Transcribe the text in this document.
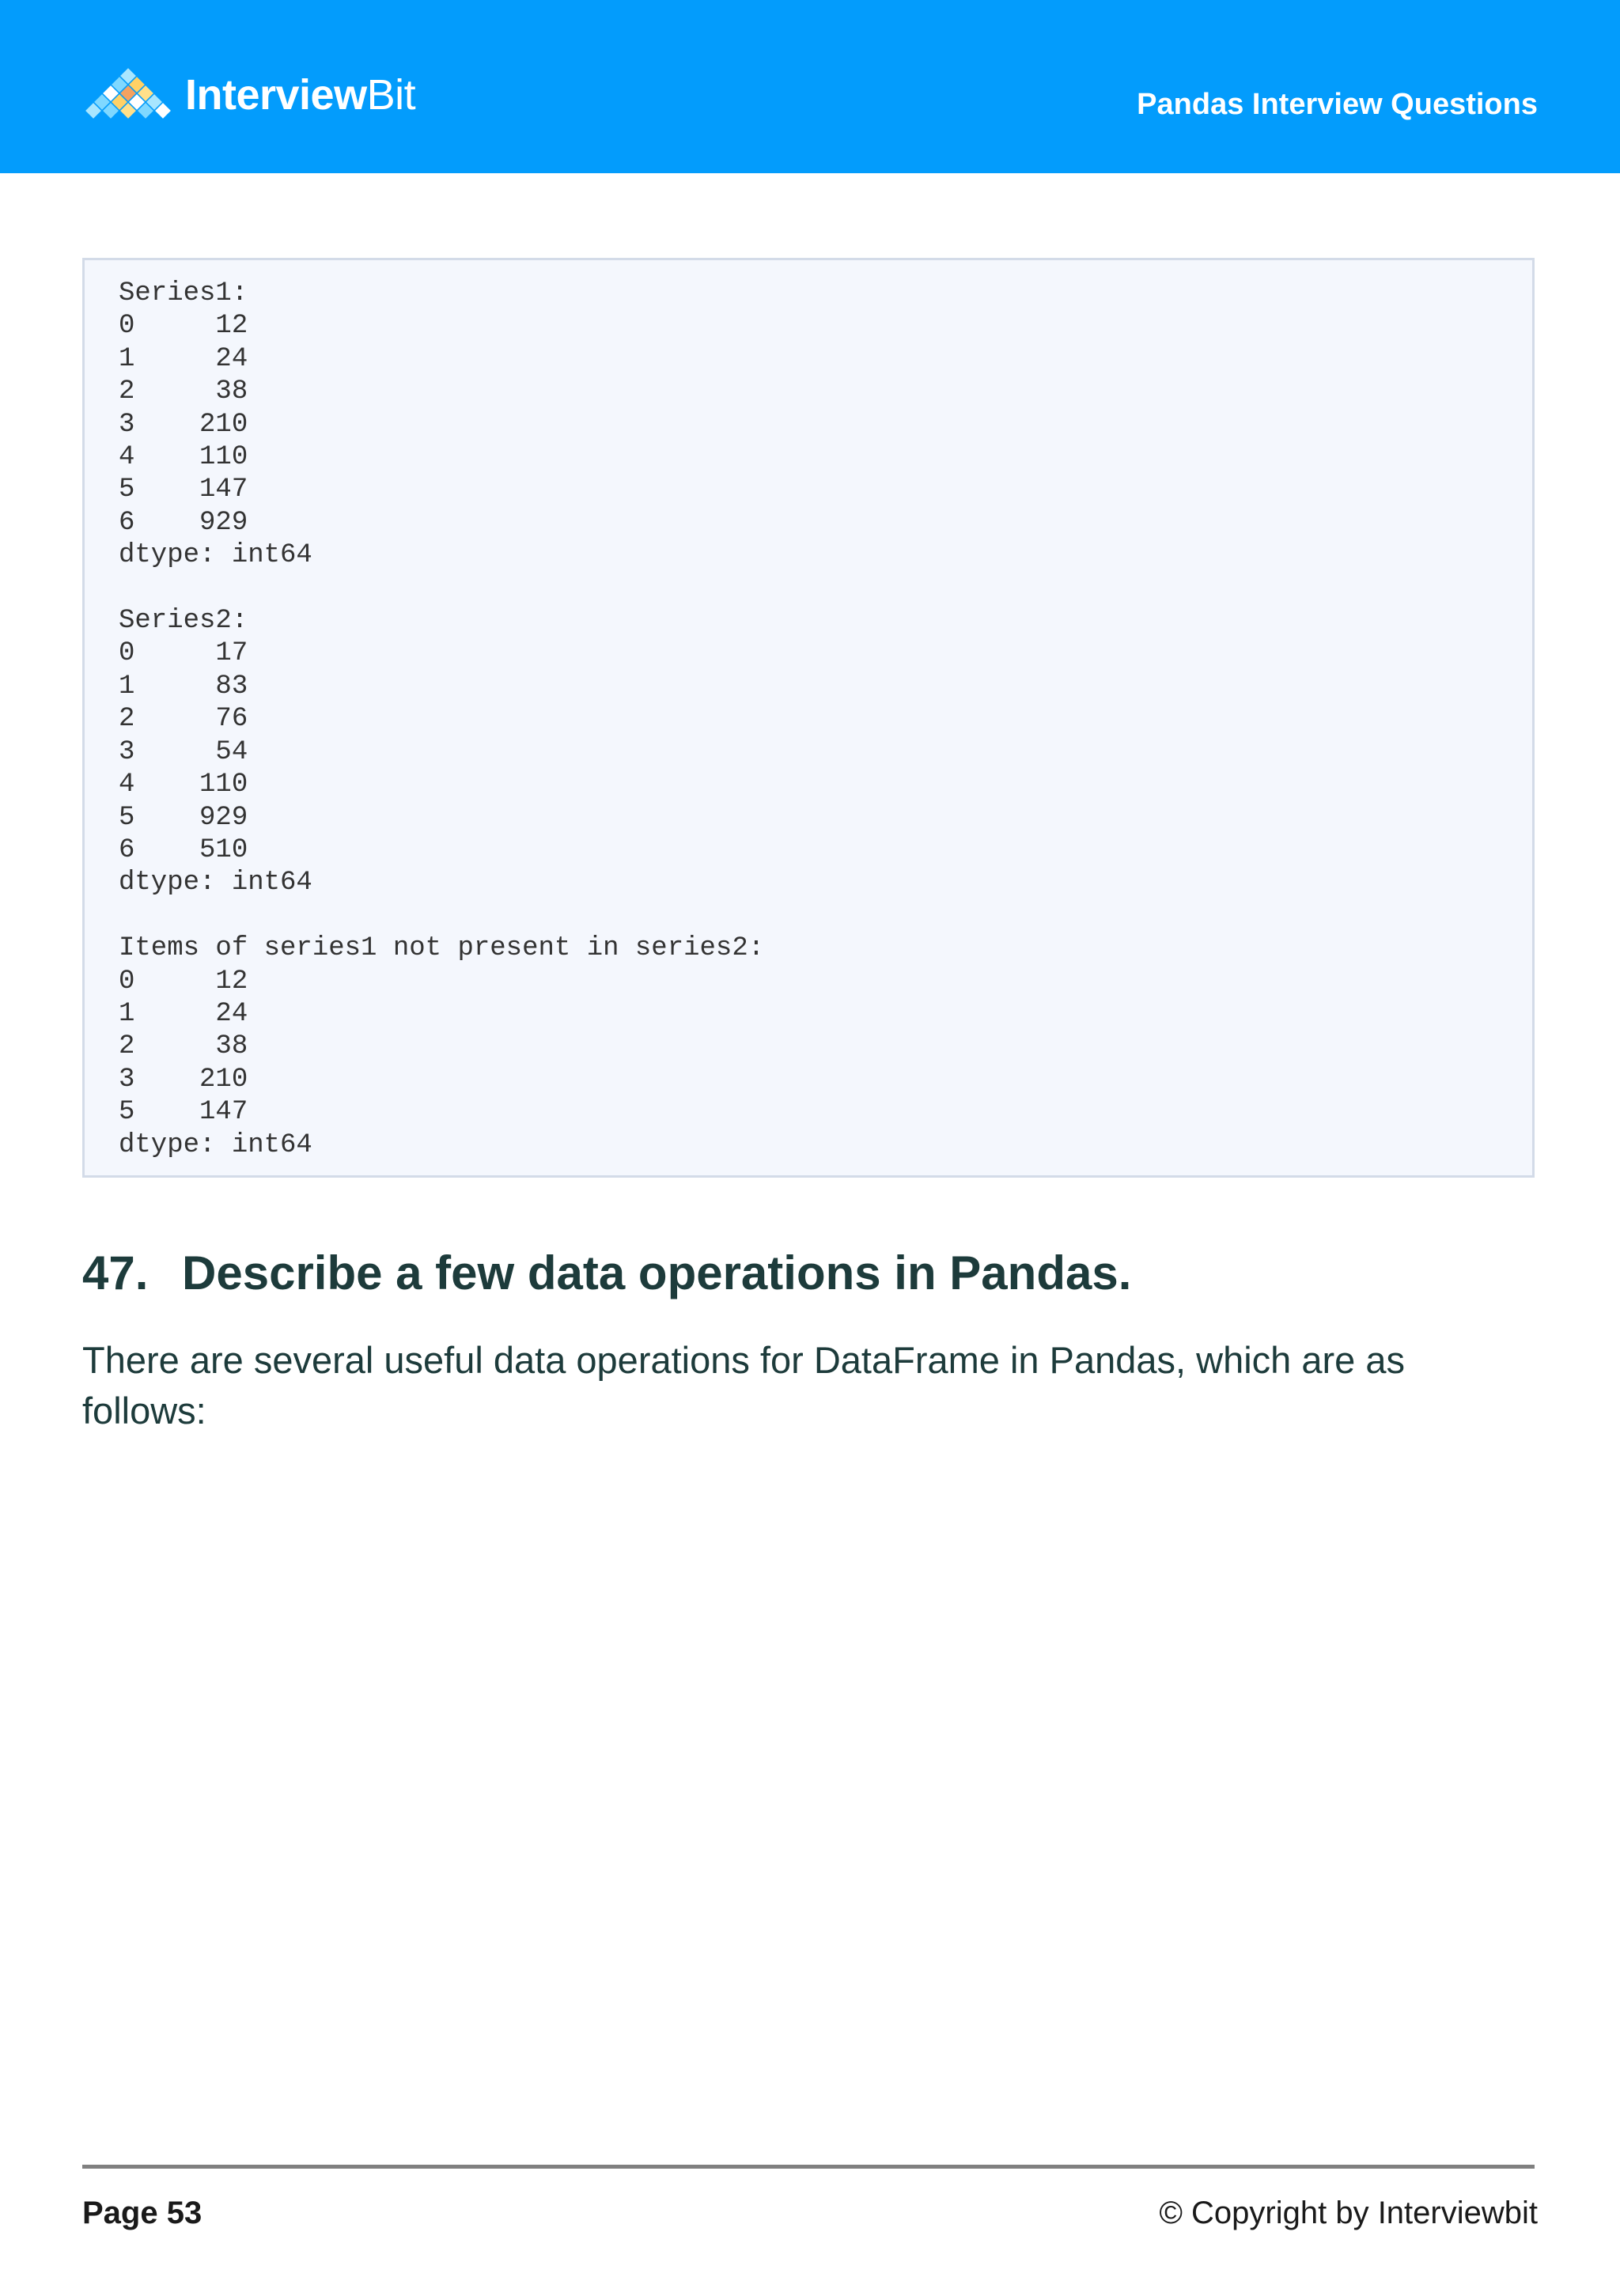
InterviewBit	Pandas Interview Questions
Series1:
0     12
1     24
2     38
3    210
4    110
5    147
6    929
dtype: int64

Series2:
0     17
1     83
2     76
3     54
4    110
5    929
6    510
dtype: int64

Items of series1 not present in series2:
0     12
1     24
2     38
3    210
5    147
dtype: int64
47. Describe a few data operations in Pandas.

There are several useful data operations for DataFrame in Pandas, which are as follows:

Page 53	© Copyright by Interviewbit
